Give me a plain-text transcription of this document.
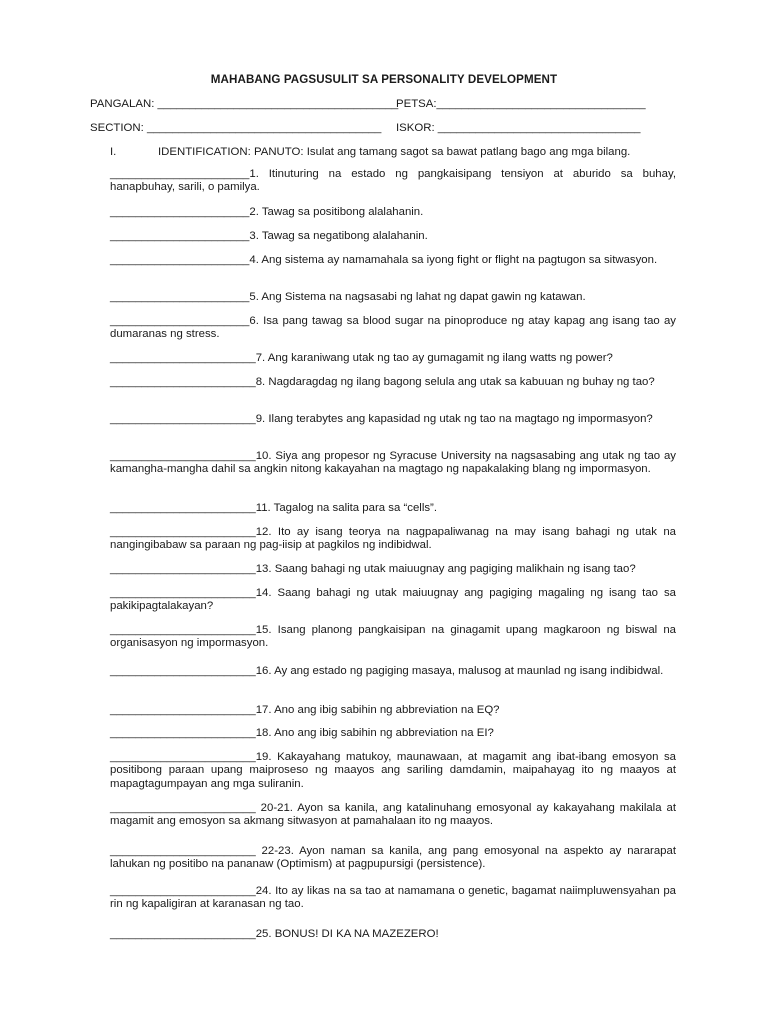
MAHABANG PAGSUSULIT SA PERSONALITY DEVELOPMENT
PANGALAN: ______________________________________
PETSA:_________________________________
SECTION: _____________________________________ ISKOR: ________________________________
I.	IDENTIFICATION: PANUTO: Isulat ang tamang sagot sa bawat patlang bago ang mga bilang.

______________________1. Itinuturing na estado ng pangkaisipang tensiyon at aburido sa buhay, hanapbuhay, sarili, o pamilya.

______________________2. Tawag sa positibong alalahanin.

______________________3. Tawag sa negatibong alalahanin.

______________________4. Ang sistema ay namamahala sa iyong fight or flight na pagtugon sa sitwasyon.

______________________5. Ang Sistema na nagsasabi ng lahat ng dapat gawin ng katawan.

______________________6. Isa pang tawag sa blood sugar na pinoproduce ng atay kapag ang isang tao ay dumaranas ng stress.

_______________________7. Ang karaniwang utak ng tao ay gumagamit ng ilang watts ng power?

_______________________8. Nagdaragdag ng ilang bagong selula ang utak sa kabuuan ng buhay ng tao?

_______________________9. Ilang terabytes ang kapasidad ng utak ng tao na magtago ng impormasyon?

_______________________10. Siya ang propesor ng Syracuse University na nagsasabing ang utak ng tao ay kamangha-mangha dahil sa angkin nitong kakayahan na magtago ng napakalaking blang ng impormasyon.

_______________________11. Tagalog na salita para sa “cells”.

_______________________12. Ito ay isang teorya na nagpapaliwanag na may isang bahagi ng utak na nangingibabaw sa paraan ng pag-iisip at pagkilos ng indibidwal.

_______________________13. Saang bahagi ng utak maiuugnay ang pagiging malikhain ng isang tao?

_______________________14. Saang bahagi ng utak maiuugnay ang pagiging magaling ng isang tao sa pakikipagtalakayan?

_______________________15. Isang planong pangkaisipan na ginagamit upang magkaroon ng biswal na organisasyon ng impormasyon.

_______________________16. Ay ang estado ng pagiging masaya, malusog at maunlad ng isang indibidwal.

_______________________17. Ano ang ibig sabihin ng abbreviation na EQ?

_______________________18. Ano ang ibig sabihin ng abbreviation na EI?

_______________________19. Kakayahang matukoy, maunawaan, at magamit ang ibat-ibang emosyon sa positibong paraan upang maiproseso ng maayos ang sariling damdamin, maipahayag ito ng maayos at mapagtagumpayan ang mga suliranin.

_______________________ 20-21. Ayon sa kanila, ang katalinuhang emosyonal ay kakayahang makilala at magamit ang emosyon sa akmang sitwasyon at pamahalaan ito ng maayos.

_______________________ 22-23. Ayon naman sa kanila, ang pang emosyonal na aspekto ay nararapat lahukan ng positibo na pananaw (Optimism) at pagpupursigi (persistence).

_______________________24. Ito ay likas na sa tao at namamana o genetic, bagamat naiimpluwensyahan pa rin ng kapaligiran at karanasan ng tao.

_______________________25. BONUS! DI KA NA MAZEZERO!
